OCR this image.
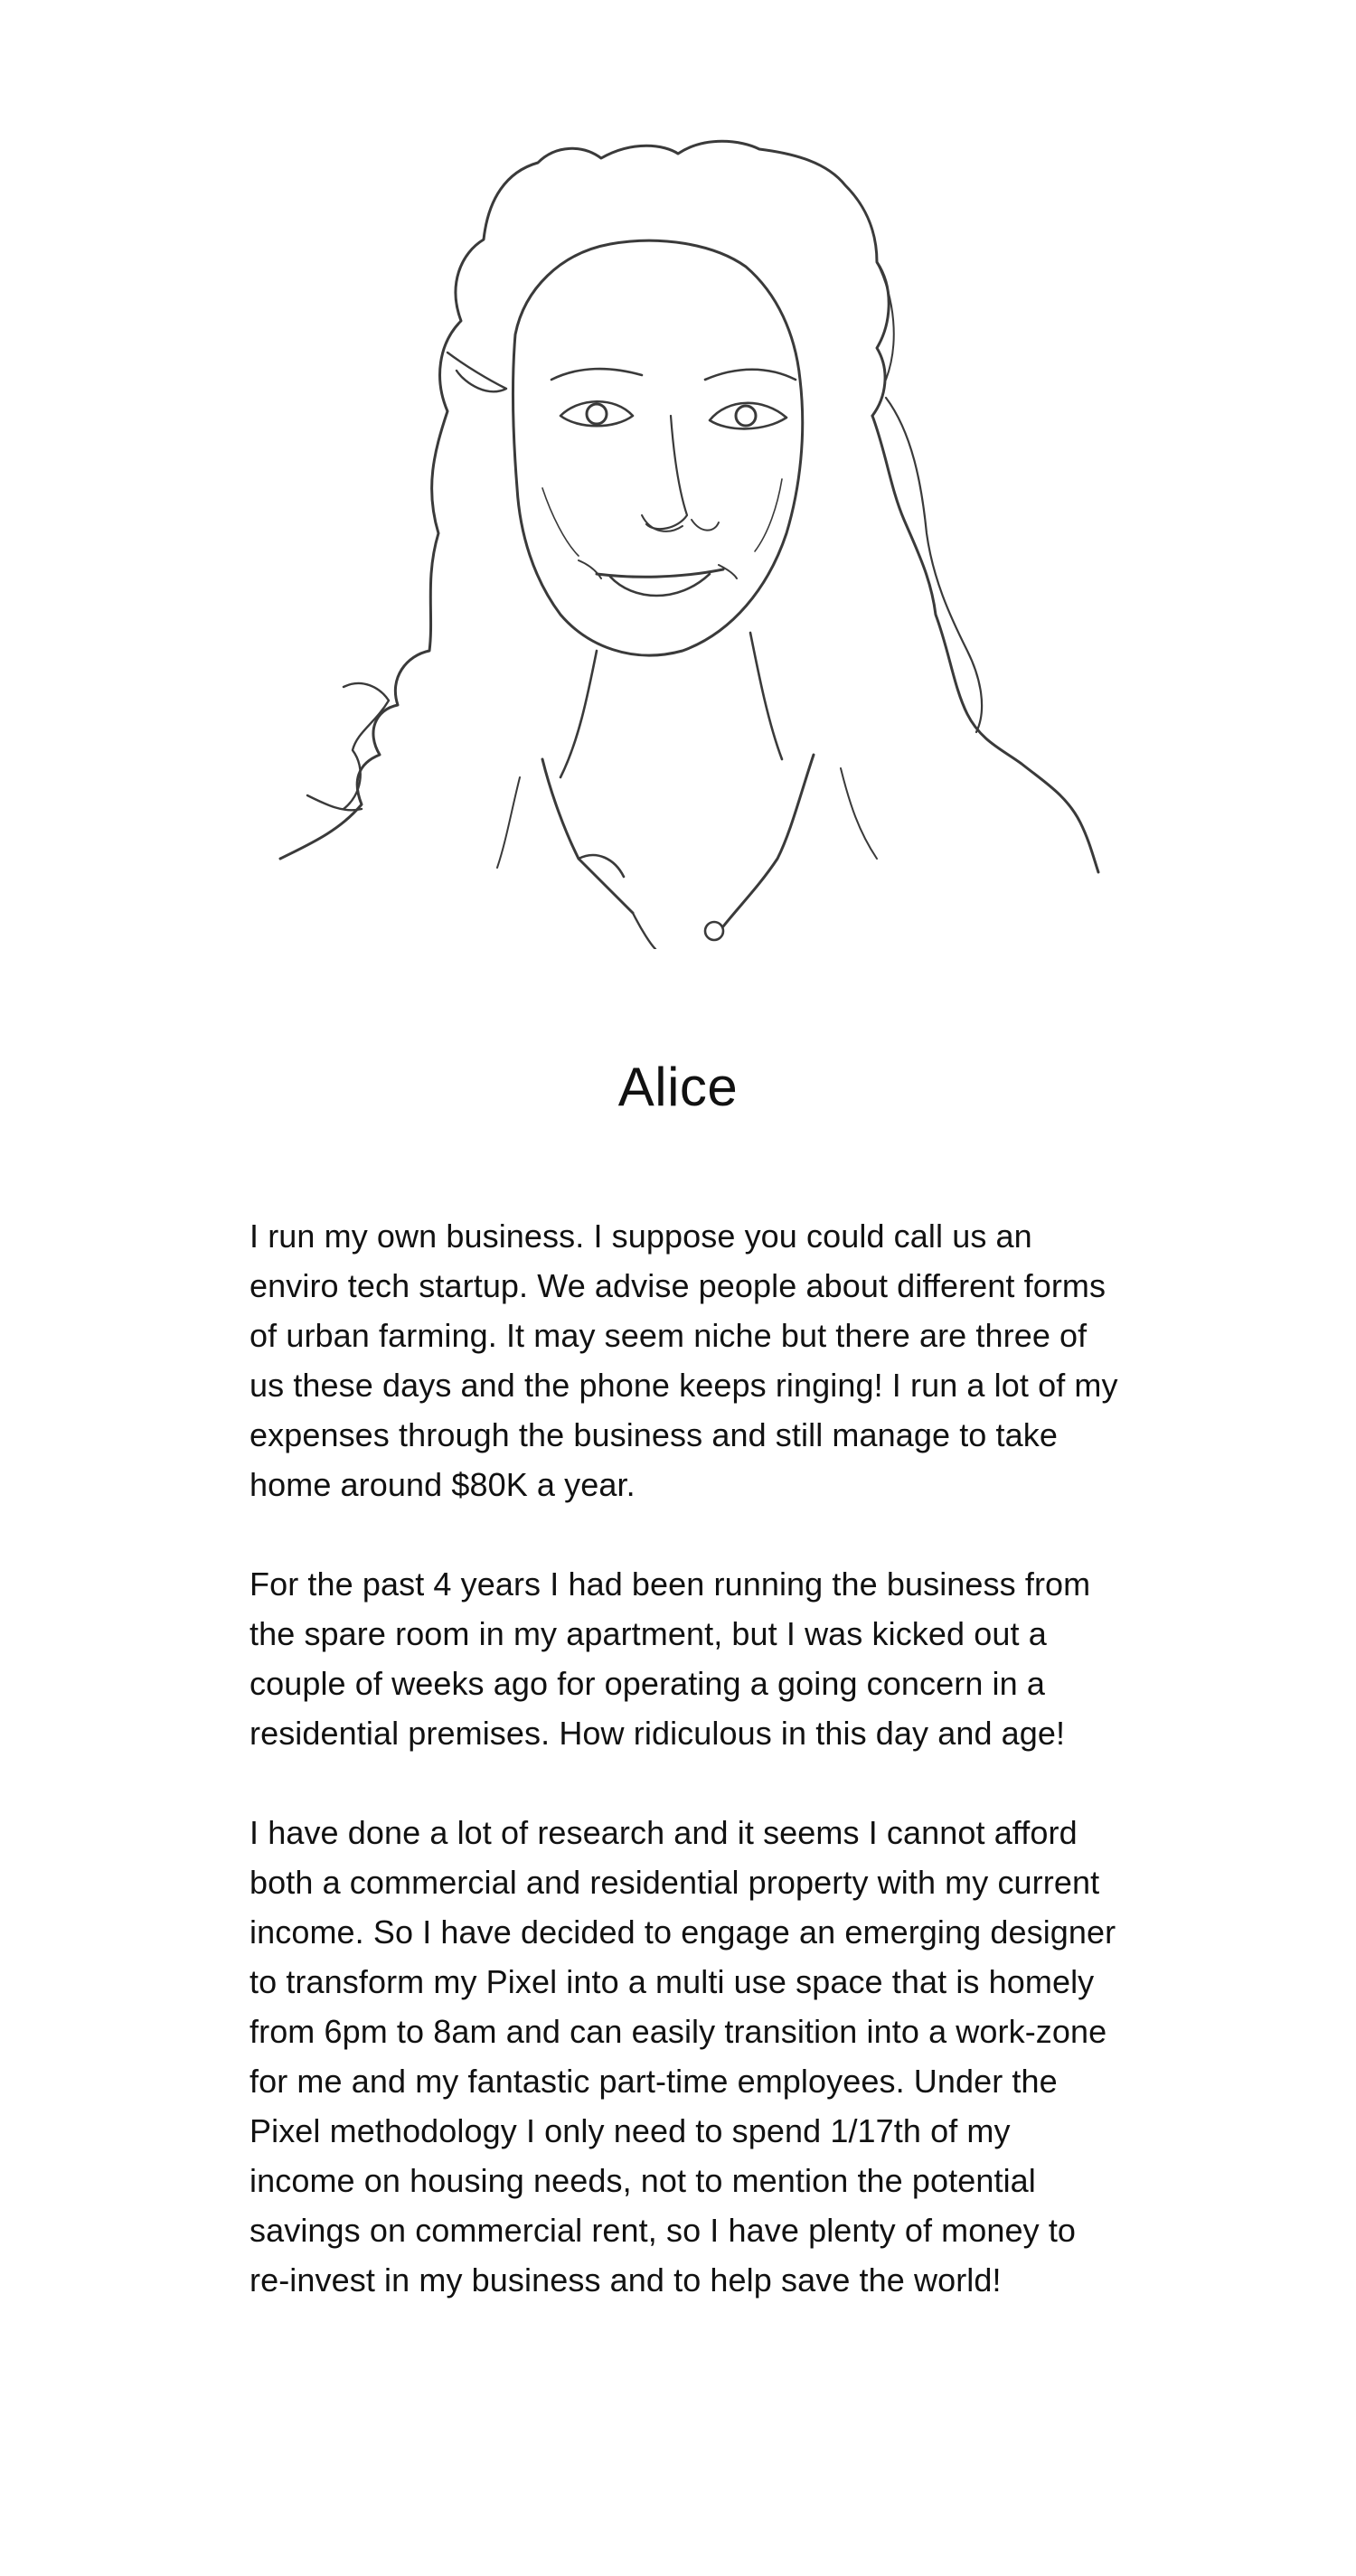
Alice

I run my own business. I suppose you could call us an enviro tech startup. We advise people about different forms of urban farming. It may seem niche but there are three of us these days and the phone keeps ringing! I run a lot of my expenses through the business and still manage to take home around $80K a year.

For the past 4 years I had been running the business from the spare room in my apartment, but I was kicked out a couple of weeks ago for operating a going concern in a residential premises. How ridiculous in this day and age!

I have done a lot of research and it seems I cannot afford both a commercial and residential property with my current income. So I have decided to engage an emerging designer to transform my Pixel into a multi use space that is homely from 6pm to 8am and can easily transition into a work-zone for me and my fantastic part-time employees. Under the Pixel methodology I only need to spend 1/17th of my income on housing needs, not to mention the potential savings on commercial rent, so I have plenty of money to re-invest in my business and to help save the world!
